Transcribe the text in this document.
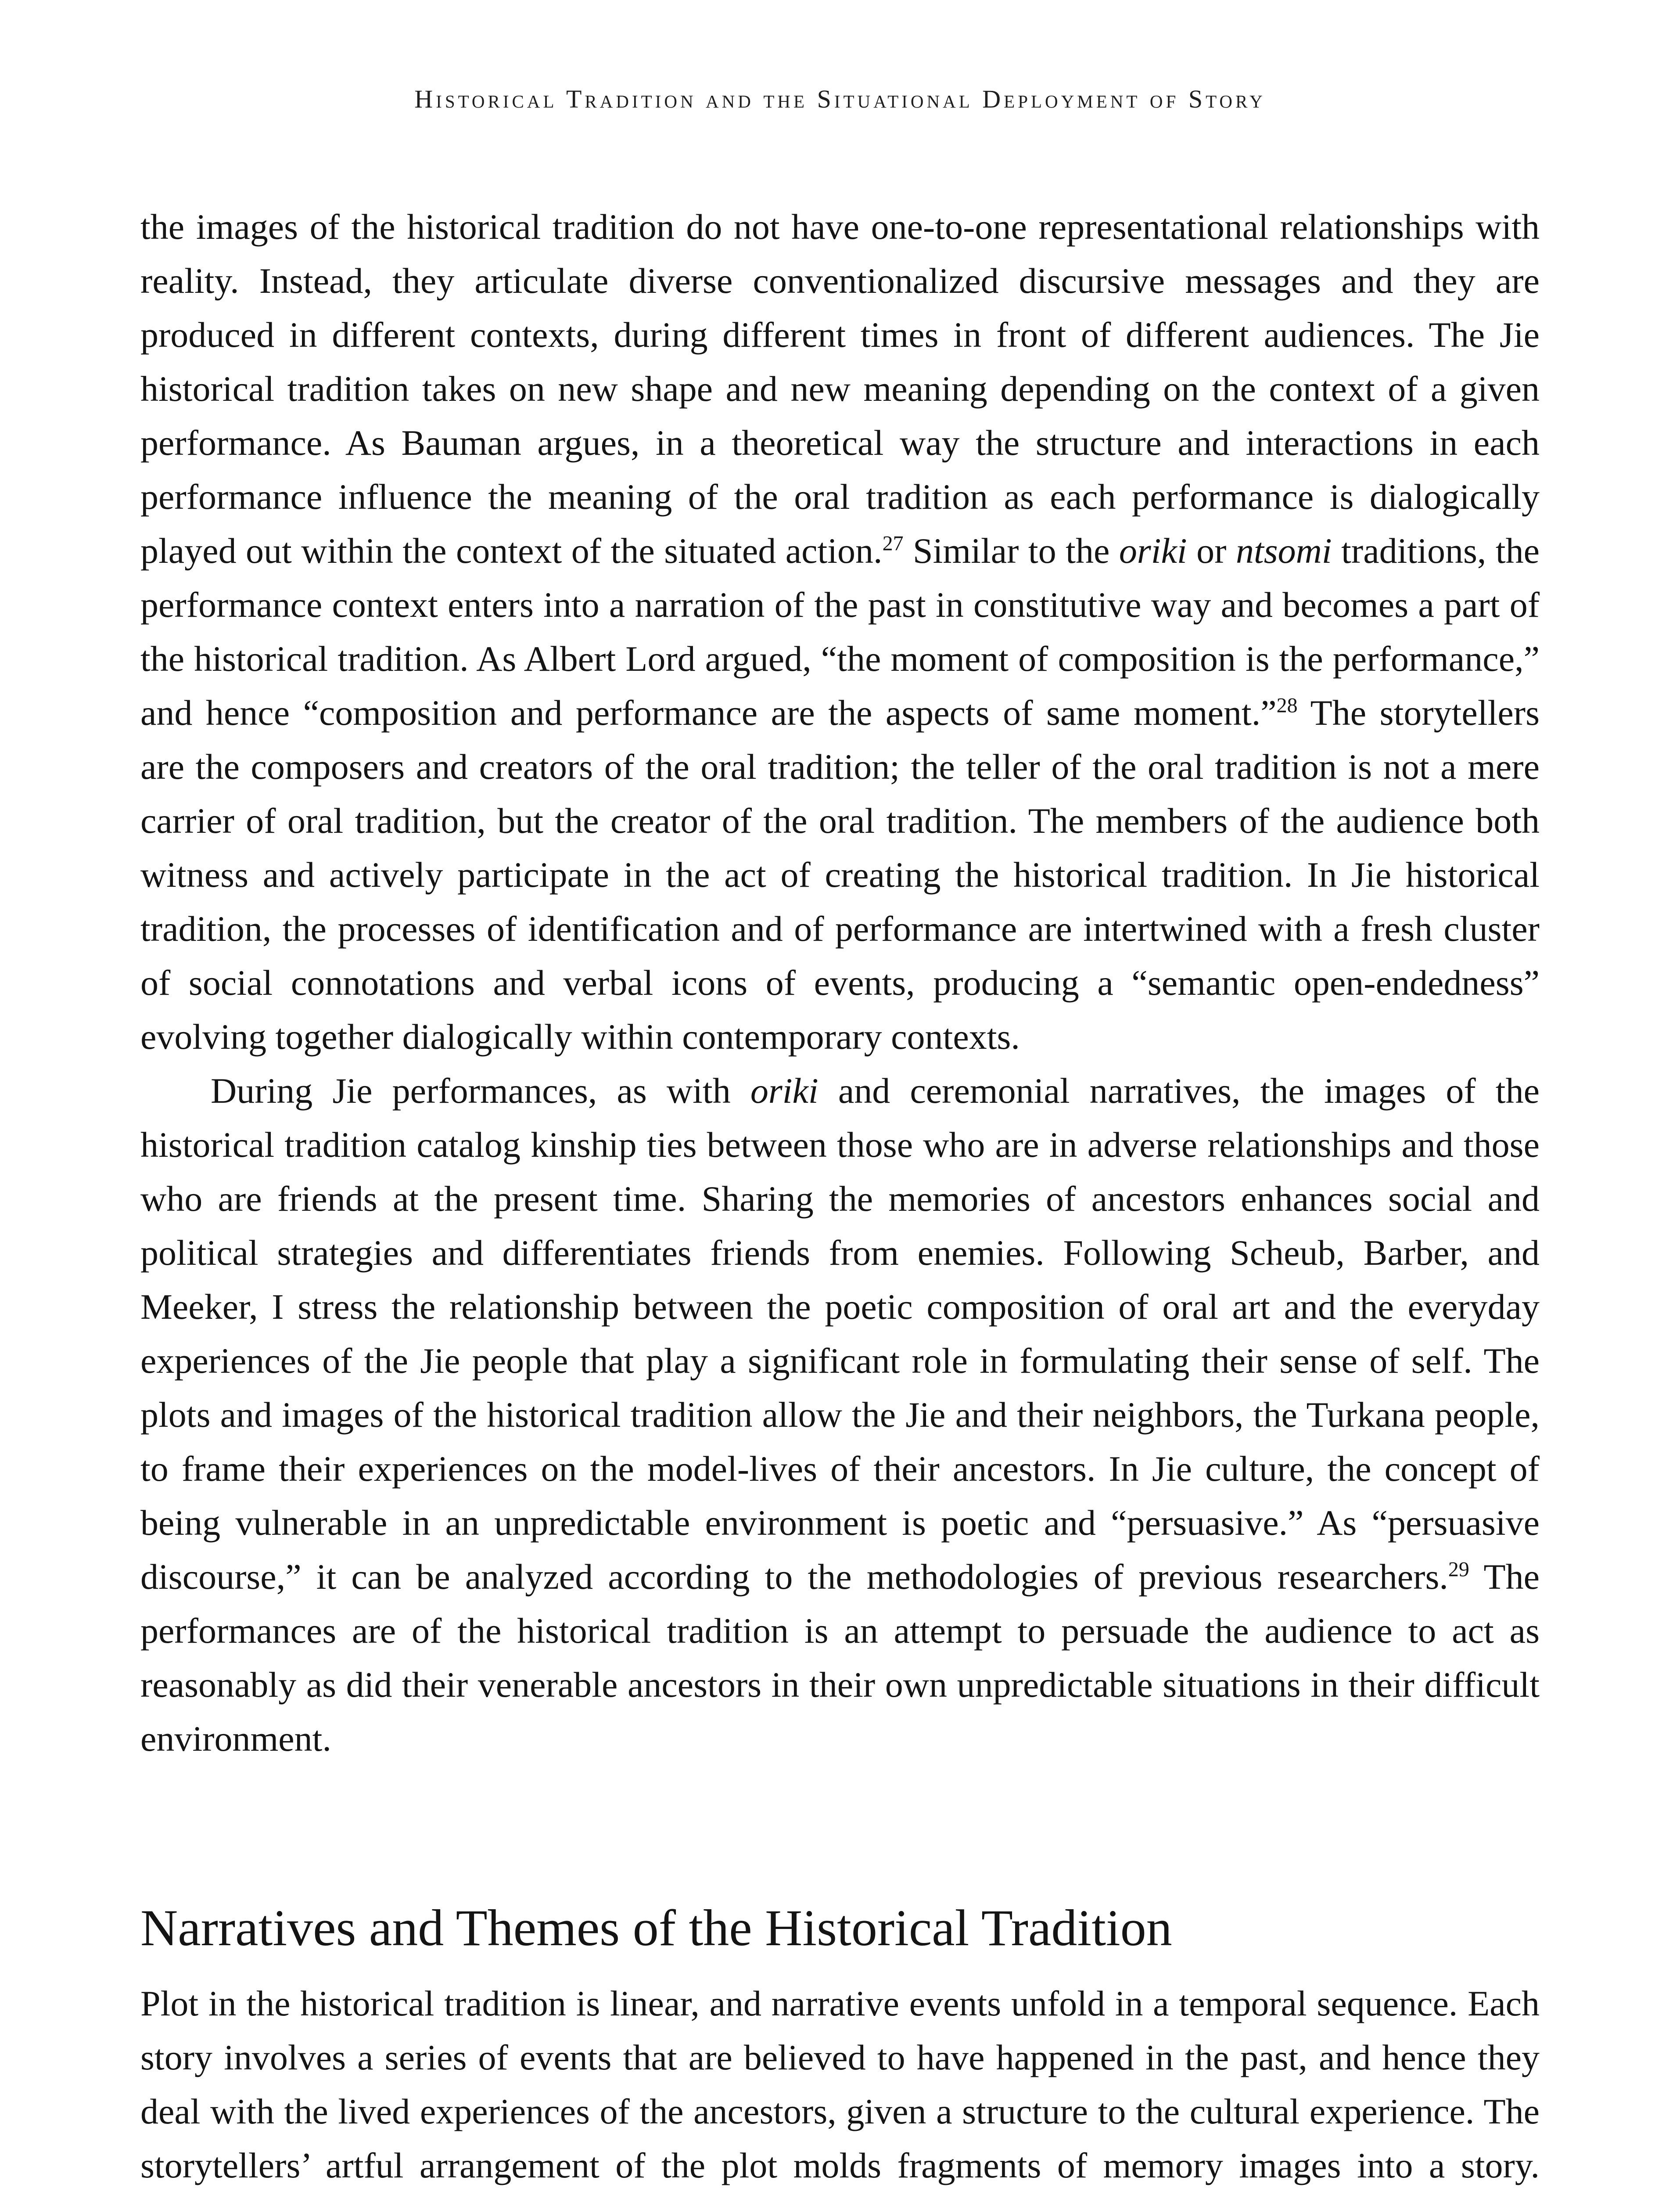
Historical Tradition and the Situational Deployment of Story

the images of the historical tradition do not have one-to-one representational relationships with reality. Instead, they articulate diverse conventionalized discursive messages and they are produced in different contexts, during different times in front of different audiences. The Jie historical tradition takes on new shape and new meaning depending on the context of a given performance. As Bauman argues, in a theoretical way the structure and interactions in each performance influence the meaning of the oral tradition as each performance is dialogically played out within the context of the situated action.$^{27}$ Similar to the oriki or ntsomi traditions, the performance context enters into a narration of the past in constitutive way and becomes a part of the historical tradition. As Albert Lord argued, “the moment of composition is the performance,” and hence “composition and performance are the aspects of same moment.”$^{28}$ The storytellers are the composers and creators of the oral tradition; the teller of the oral tradition is not a mere carrier of oral tradition, but the creator of the oral tradition. The members of the audience both witness and actively participate in the act of creating the historical tradition. In Jie historical tradition, the processes of identification and of performance are intertwined with a fresh cluster of social connotations and verbal icons of events, producing a “semantic open-endedness” evolving together dialogically within contemporary contexts.

During Jie performances, as with oriki and ceremonial narratives, the images of the historical tradition catalog kinship ties between those who are in adverse relationships and those who are friends at the present time. Sharing the memories of ancestors enhances social and political strategies and differentiates friends from enemies. Following Scheub, Barber, and Meeker, I stress the relationship between the poetic composition of oral art and the everyday experiences of the Jie people that play a significant role in formulating their sense of self. The plots and images of the historical tradition allow the Jie and their neighbors, the Turkana people, to frame their experiences on the model-lives of their ancestors. In Jie culture, the concept of being vulnerable in an unpredictable environment is poetic and “persuasive.” As “persuasive discourse,” it can be analyzed according to the methodologies of previous researchers.$^{29}$ The performances are of the historical tradition is an attempt to persuade the audience to act as reasonably as did their venerable ancestors in their own unpredictable situations in their difficult environment.

Narratives and Themes of the Historical Tradition

Plot in the historical tradition is linear, and narrative events unfold in a temporal sequence. Each story involves a series of events that are believed to have happened in the past, and hence they deal with the lived experiences of the ancestors, given a structure to the cultural experience. The storytellers’ artful arrangement of the plot molds fragments of memory images into a story.
